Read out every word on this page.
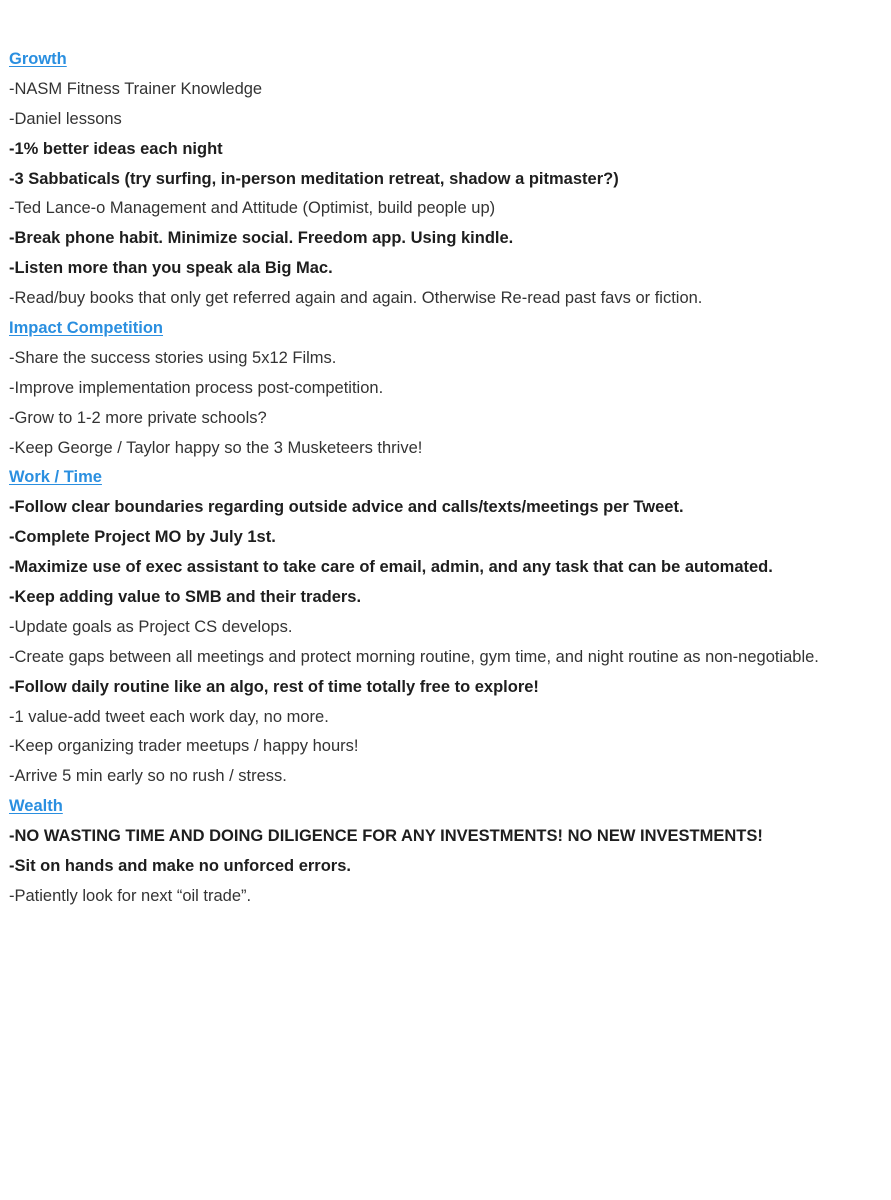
Growth
-NASM Fitness Trainer Knowledge
-Daniel lessons
-1% better ideas each night
-3 Sabbaticals (try surfing, in-person meditation retreat, shadow a pitmaster?)
-Ted Lance-o Management and Attitude (Optimist, build people up)
-Break phone habit. Minimize social. Freedom app. Using kindle.
-Listen more than you speak ala Big Mac.
-Read/buy books that only get referred again and again. Otherwise Re-read past favs or fiction.
Impact Competition
-Share the success stories using 5x12 Films.
-Improve implementation process post-competition.
-Grow to 1-2 more private schools?
-Keep George / Taylor happy so the 3 Musketeers thrive!
Work / Time
-Follow clear boundaries regarding outside advice and calls/texts/meetings per Tweet.
-Complete Project MO by July 1st.
-Maximize use of exec assistant to take care of email, admin, and any task that can be automated.
-Keep adding value to SMB and their traders.
-Update goals as Project CS develops.
-Create gaps between all meetings and protect morning routine, gym time, and night routine as non-negotiable.
-Follow daily routine like an algo, rest of time totally free to explore!
-1 value-add tweet each work day, no more.
-Keep organizing trader meetups / happy hours!
-Arrive 5 min early so no rush / stress.
Wealth
-NO WASTING TIME AND DOING DILIGENCE FOR ANY INVESTMENTS! NO NEW INVESTMENTS!
-Sit on hands and make no unforced errors.
-Patiently look for next “oil trade”.
